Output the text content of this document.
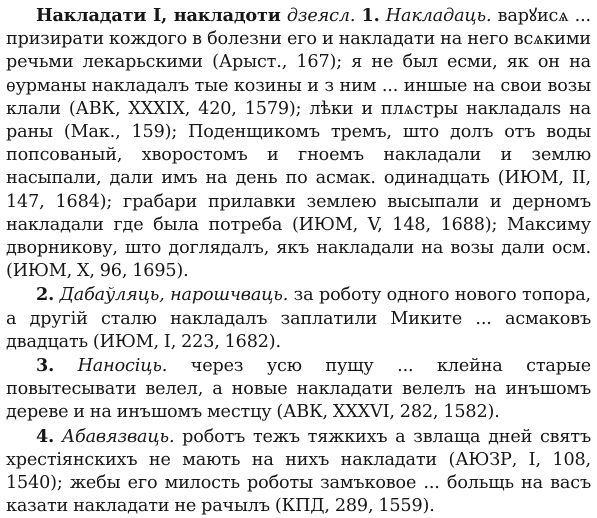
Накладати I, накладоти дзеясл. 1. Накладаць. варꙋисѧ ... призирати кождого в болезни его и накладати на него всѧкими речьми лекарьскими (Арыст., 167); я не был есми, як он на ѳурманы накладалъ тые козины и з ним ... иншые на свои возы клали (АВК, XXXIX, 420, 1579); лѣки и плѧстры накладалѕ на раны (Мак., 159); Поденщикомъ тремъ, што долъ отъ воды попсованый, хворостомъ и гноемъ накладали и землю насыпали, дали имъ на день по асмак. одинадцать (ИЮМ, II, 147, 1684); грабари прилавки землею высыпали и дерномъ накладали где была потреба (ИЮМ, V, 148, 1688); Максиму дворникову, што доглядалъ, якъ накладали на возы дали осм. (ИЮМ, X, 96, 1695).

2. Дабаўляць, нарошчваць. за роботу одного нового топора, а другій сталю накладалъ заплатили Миките ... асмаковъ двадцать (ИЮМ, I, 223, 1682).

3. Наносіць. через усю пущу ... клейна старые повытесывати велел, а новые накладати велелъ на инъшомъ дереве и на инъшомъ местцу (АВК, XXXVI, 282, 1582).

4. Абавязваць. роботъ тежъ тяжкихъ а звлаща дней святъ хрестіянскихъ не мають на нихъ накладати (АЮЗР, I, 108, 1540); жебы его милость роботы замъковое ... больщь на васъ казати накладати не рачылъ (КПД, 289, 1559).
